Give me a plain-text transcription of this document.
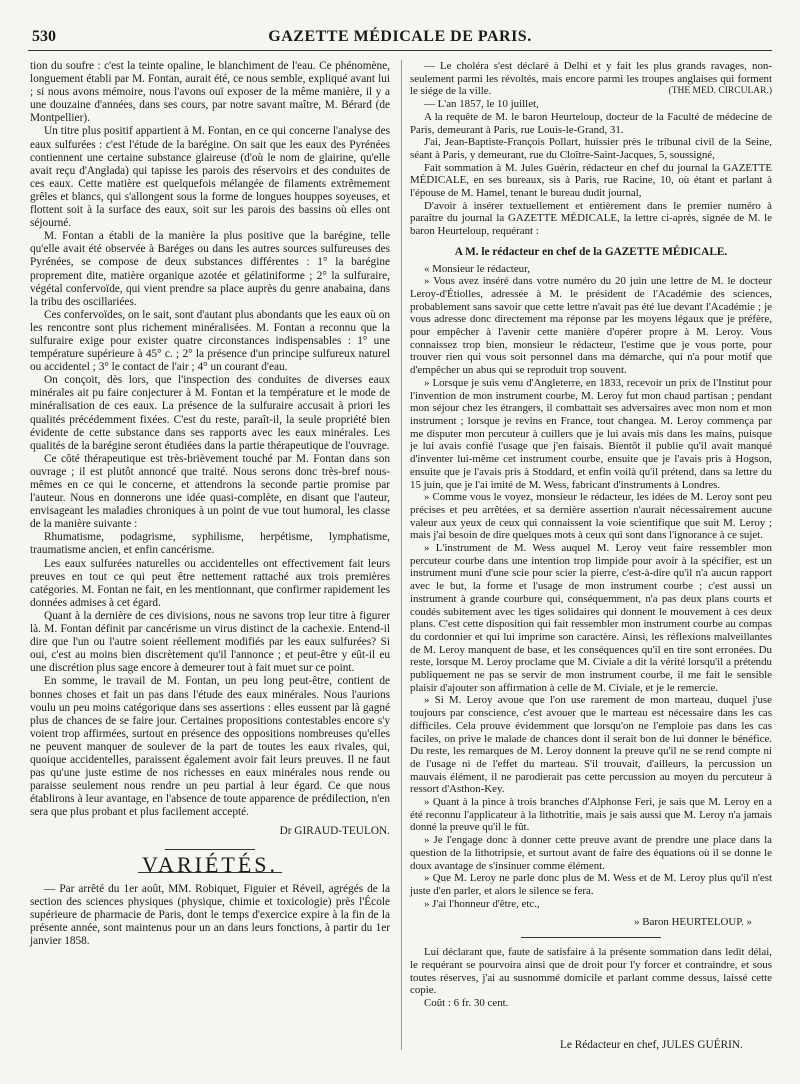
530	GAZETTE MÉDICALE DE PARIS.

tion du soufre : c'est la teinte opaline, le blanchiment de l'eau. Ce phénomène, longuement établi par M. Fontan, aurait été, ce nous semble, expliqué avant lui ; si nous avons mémoire, nous l'avons ouï exposer de la même manière, il y a une douzaine d'années, dans ses cours, par notre savant maître, M. Bérard (de Montpellier).

Un titre plus positif appartient à M. Fontan, en ce qui concerne l'analyse des eaux sulfurées : c'est l'étude de la barégine. On sait que les eaux des Pyrénées contiennent une certaine substance glaireuse (d'où le nom de glairine, qu'elle avait reçu d'Anglada) qui tapisse les parois des réservoirs et des conduites de ces eaux. Cette matière est quelquefois mélangée de filaments extrêmement grêles et blancs, qui s'allongent sous la forme de longues houppes soyeuses, et flottent soit à la surface des eaux, soit sur les parois des bassins où elles ont séjourné.

M. Fontan a établi de la manière la plus positive que la barégine, telle qu'elle avait été observée à Baréges ou dans les autres sources sulfureuses des Pyrénées, se compose de deux substances différentes : 1° la barégine proprement dite, matière organique azotée et gélatiniforme ; 2° la sulfuraire, végétal confervoïde, qui vient prendre sa place auprès du genre anabaina, dans la tribu des oscillariées.

Ces confervoïdes, on le sait, sont d'autant plus abondants que les eaux où on les rencontre sont plus richement minéralisées. M. Fontan a reconnu que la sulfuraire exige pour exister quatre circonstances indispensables : 1° une température supérieure à 45° c. ; 2° la présence d'un principe sulfureux naturel ou accidentel ; 3° le contact de l'air ; 4° un courant d'eau.

On conçoit, dès lors, que l'inspection des conduites de diverses eaux minérales ait pu faire conjecturer à M. Fontan et la température et le mode de minéralisation de ces eaux. La présence de la sulfuraire accusait à priori les qualités précédemment fixées. C'est du reste, paraît-il, la seule propriété bien évidente de cette substance dans ses rapports avec les eaux minérales. Les qualités de la barégine seront étudiées dans la partie thérapeutique de l'ouvrage.

Ce côté thérapeutique est très-brièvement touché par M. Fontan dans son ouvrage ; il est plutôt annoncé que traité. Nous serons donc très-bref nous-mêmes en ce qui le concerne, et attendrons la seconde partie promise par l'auteur. Nous en donnerons une idée quasi-complète, en disant que l'auteur, envisageant les maladies chroniques à un point de vue tout humoral, les classe de la manière suivante :

Rhumatisme, podagrisme, syphilisme, herpétisme, lymphatisme, traumatisme ancien, et enfin cancérisme.

Les eaux sulfurées naturelles ou accidentelles ont effectivement fait leurs preuves en tout ce qui peut être nettement rattaché aux trois premières catégories. M. Fontan ne fait, en les mentionnant, que confirmer rapidement les données admises à cet égard.

Quant à la dernière de ces divisions, nous ne savons trop leur titre à figurer là. M. Fontan définit par cancérisme un virus distinct de la cachexie. Entend-il dire que l'un ou l'autre soient réellement modifiés par les eaux sulfurées? Si oui, c'est au moins bien discrètement qu'il l'annonce ; et peut-être y eût-il eu une discrétion plus sage encore à demeurer tout à fait muet sur ce point.

En somme, le travail de M. Fontan, un peu long peut-être, contient de bonnes choses et fait un pas dans l'étude des eaux minérales. Nous l'aurions voulu un peu moins catégorique dans ses assertions : elles eussent par là gagné plus de chances de se faire jour. Certaines propositions contestables encore s'y voient trop affirmées, surtout en présence des oppositions nombreuses qu'elles ne peuvent manquer de soulever de la part de toutes les eaux rivales, qui, quoique accidentelles, paraissent également avoir fait leurs preuves. Il ne faut pas qu'une juste estime de nos richesses en eaux minérales nous rende ou paraisse seulement nous rendre un peu partial à leur égard. Ce que nous établirons à leur avantage, en l'absence de toute apparence de prédilection, n'en sera que plus probant et plus facilement accepté.

Dr GIRAUD-TEULON.
VARIÉTÉS.

— Par arrêté du 1er août, MM. Robiquet, Figuier et Réveil, agrégés de la section des sciences physiques (physique, chimie et toxicologie) près l'École supérieure de pharmacie de Paris, dont le temps d'exercice expire à la fin de la présente année, sont maintenus pour un an dans leurs fonctions, à partir du 1er janvier 1858.

— Le choléra s'est déclaré à Delhi et y fait les plus grands ravages, non-seulement parmi les révoltés, mais encore parmi les troupes anglaises qui forment le siége de la ville.	(THE MED. CIRCULAR.)

— L'an 1857, le 10 juillet,

A la requête de M. le baron Heurteloup, docteur de la Faculté de médecine de Paris, demeurant à Paris, rue Louis-le-Grand, 31.

J'ai, Jean-Baptiste-François Pollart, huissier près le tribunal civil de la Seine, séant à Paris, y demeurant, rue du Cloître-Saint-Jacques, 5, soussigné,

Fait sommation à M. Jules Guérin, rédacteur en chef du journal la GAZETTE MÉDICALE, en ses bureaux, sis à Paris, rue Racine, 10, où étant et parlant à l'épouse de M. Hamel, tenant le bureau dudit journal,

D'avoir à insérer textuellement et entièrement dans le premier numéro à paraître du journal la GAZETTE MÉDICALE, la lettre ci-après, signée de M. le baron Heurteloup, requérant :

A M. le rédacteur en chef de la GAZETTE MÉDICALE.

« Monsieur le rédacteur,

» Vous avez inséré dans votre numéro du 20 juin une lettre de M. le docteur Leroy-d'Étiolles, adressée à M. le président de l'Académie des sciences, probablement sans savoir que cette lettre n'avait pas été lue devant l'Académie ; je vous adresse donc directement ma réponse par les moyens légaux que je préfère, pour empêcher à l'avenir cette manière d'opérer propre à M. Leroy. Vous connaissez trop bien, monsieur le rédacteur, l'estime que je vous porte, pour trouver rien qui vous soit personnel dans ma démarche, qui n'a pour motif que d'empêcher un abus qui se reproduit trop souvent.

» Lorsque je suis venu d'Angleterre, en 1833, recevoir un prix de l'Institut pour l'invention de mon instrument courbe, M. Leroy fut mon chaud partisan ; pendant mon séjour chez les étrangers, il combattait ses adversaires avec mon nom et mon instrument ; lorsque je revins en France, tout changea. M. Leroy commença par me disputer mon percuteur à cuillers que je lui avais mis dans les mains, puisque je lui avais confié l'usage que j'en faisais. Bientôt il publie qu'il avait manqué d'inventer lui-même cet instrument courbe, ensuite que je l'avais pris à Hogson, ensuite que je l'avais pris à Stoddard, et enfin voilà qu'il prétend, dans sa lettre du 15 juin, que je l'ai imité de M. Wess, fabricant d'instruments à Londres.

» Comme vous le voyez, monsieur le rédacteur, les idées de M. Leroy sont peu précises et peu arrêtées, et sa dernière assertion n'aurait nécessairement aucune valeur aux yeux de ceux qui connaissent la voie scientifique que suit M. Leroy ; mais j'ai besoin de dire quelques mots à ceux qui sont dans l'ignorance à ce sujet.

» L'instrument de M. Wess auquel M. Leroy veut faire ressembler mon percuteur courbe dans une intention trop limpide pour avoir à la spécifier, est un instrument muni d'une scie pour scier la pierre, c'est-à-dire qu'il n'a aucun rapport avec le but, la forme et l'usage de mon instrument courbe ; c'est aussi un instrument à grande courbure qui, conséquemment, n'a pas deux plans courts et coudés subitement avec les tiges solidaires qui donnent le mouvement à ces deux plans. C'est cette disposition qui fait ressembler mon instrument courbe au compas du cordonnier et qui lui imprime son caractère. Ainsi, les réflexions malveillantes de M. Leroy manquent de base, et les conséquences qu'il en tire sont erronées. Du reste, lorsque M. Leroy proclame que M. Civiale a dit la vérité lorsqu'il a prétendu publiquement ne pas se servir de mon instrument courbe, il me fait le sensible plaisir d'ajouter son affirmation à celle de M. Civiale, et je le remercie.

» Si M. Leroy avoue que l'on use rarement de mon marteau, duquel j'use toujours par conscience, c'est avouer que le marteau est nécessaire dans les cas difficiles. Cela prouve évidemment que lorsqu'on ne l'emploie pas dans les cas faciles, on prive le malade de chances dont il serait bon de lui donner le bénéfice. Du reste, les remarques de M. Leroy donnent la preuve qu'il ne se rend compte ni de l'usage ni de l'effet du marteau. S'il trouvait, d'ailleurs, la percussion un mauvais élément, il ne parodierait pas cette percussion au moyen du percuteur à ressort d'Asthon-Key.

» Quant à la pince à trois branches d'Alphonse Feri, je sais que M. Leroy en a été reconnu l'applicateur à la lithotritie, mais je sais aussi que M. Leroy n'a jamais donné la preuve qu'il le fût.

» Je l'engage donc à donner cette preuve avant de prendre une place dans la question de la lithotripsie, et surtout avant de faire des équations où il se donne le doux avantage de s'insinuer comme élément.

» Que M. Leroy ne parle donc plus de M. Wess et de M. Leroy plus qu'il n'est juste d'en parler, et alors le silence se fera.

» J'ai l'honneur d'être, etc.,

» Baron HEURTELOUP. »

Lui déclarant que, faute de satisfaire à la présente sommation dans ledit délai, le requérant se pourvoira ainsi que de droit pour l'y forcer et contraindre, et sous toutes réserves, j'ai au susnommé domicile et parlant comme dessus, laissé cette copie.

Coût : 6 fr. 30 cent.

Le Rédacteur en chef, JULES GUÉRIN.
